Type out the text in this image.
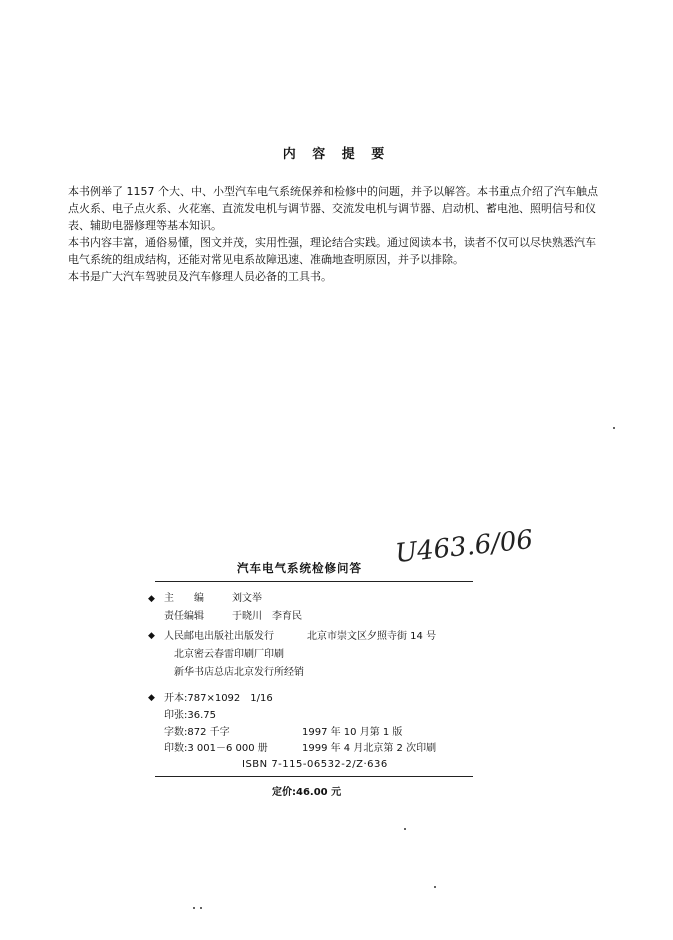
内 容 提 要
本书例举了 1157 个大、中、小型汽车电气系统保养和检修中的问题，并予以解答。本书重点介绍了汽车触点点火系、电子点火系、火花塞、直流发电机与调节器、交流发电机与调节器、启动机、蓄电池、照明信号和仪表、辅助电器修理等基本知识。
本书内容丰富，通俗易懂，图文并茂，实用性强，理论结合实践。通过阅读本书，读者不仅可以尽快熟悉汽车电气系统的组成结构，还能对常见电系故障迅速、准确地查明原因，并予以排除。
本书是广大汽车驾驶员及汽车修理人员必备的工具书。
汽车电气系统检修问答 U463.6/06
◆ 主　　编	刘文举
责任编辑	于晓川　李育民
◆ 人民邮电出版社出版发行	北京市崇文区夕照寺街 14 号
北京密云春雷印刷厂印刷
新华书店总店北京发行所经销
◆ 开本:787×1092　1/16
印张:36.75
字数:872 千字	1997 年 10 月第 1 版
印数:3 001－6 000 册	1999 年 4 月北京第 2 次印刷
ISBN 7-115-06532-2/Z·636
定价:46.00 元
